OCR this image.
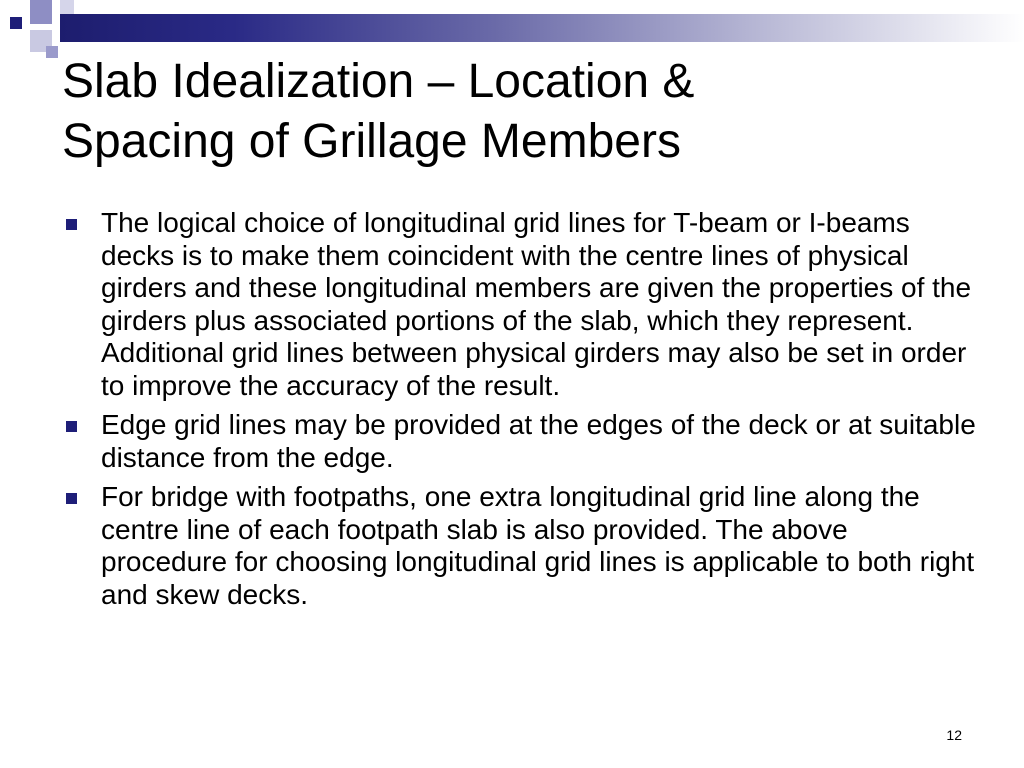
Slab Idealization – Location &
Spacing of Grillage Members
The logical choice of longitudinal grid lines for T-beam or I-beams decks is to make them coincident with the centre lines of physical girders and these longitudinal members are given the properties of the girders plus associated portions of the slab, which they represent. Additional grid lines between physical girders may also be set in order to improve the accuracy of the result.
Edge grid lines may be provided at the edges of the deck or at suitable distance from the edge.
For bridge with footpaths, one extra longitudinal grid line along the centre line of each footpath slab is also provided. The above procedure for choosing longitudinal grid lines is applicable to both right and skew decks.
12
